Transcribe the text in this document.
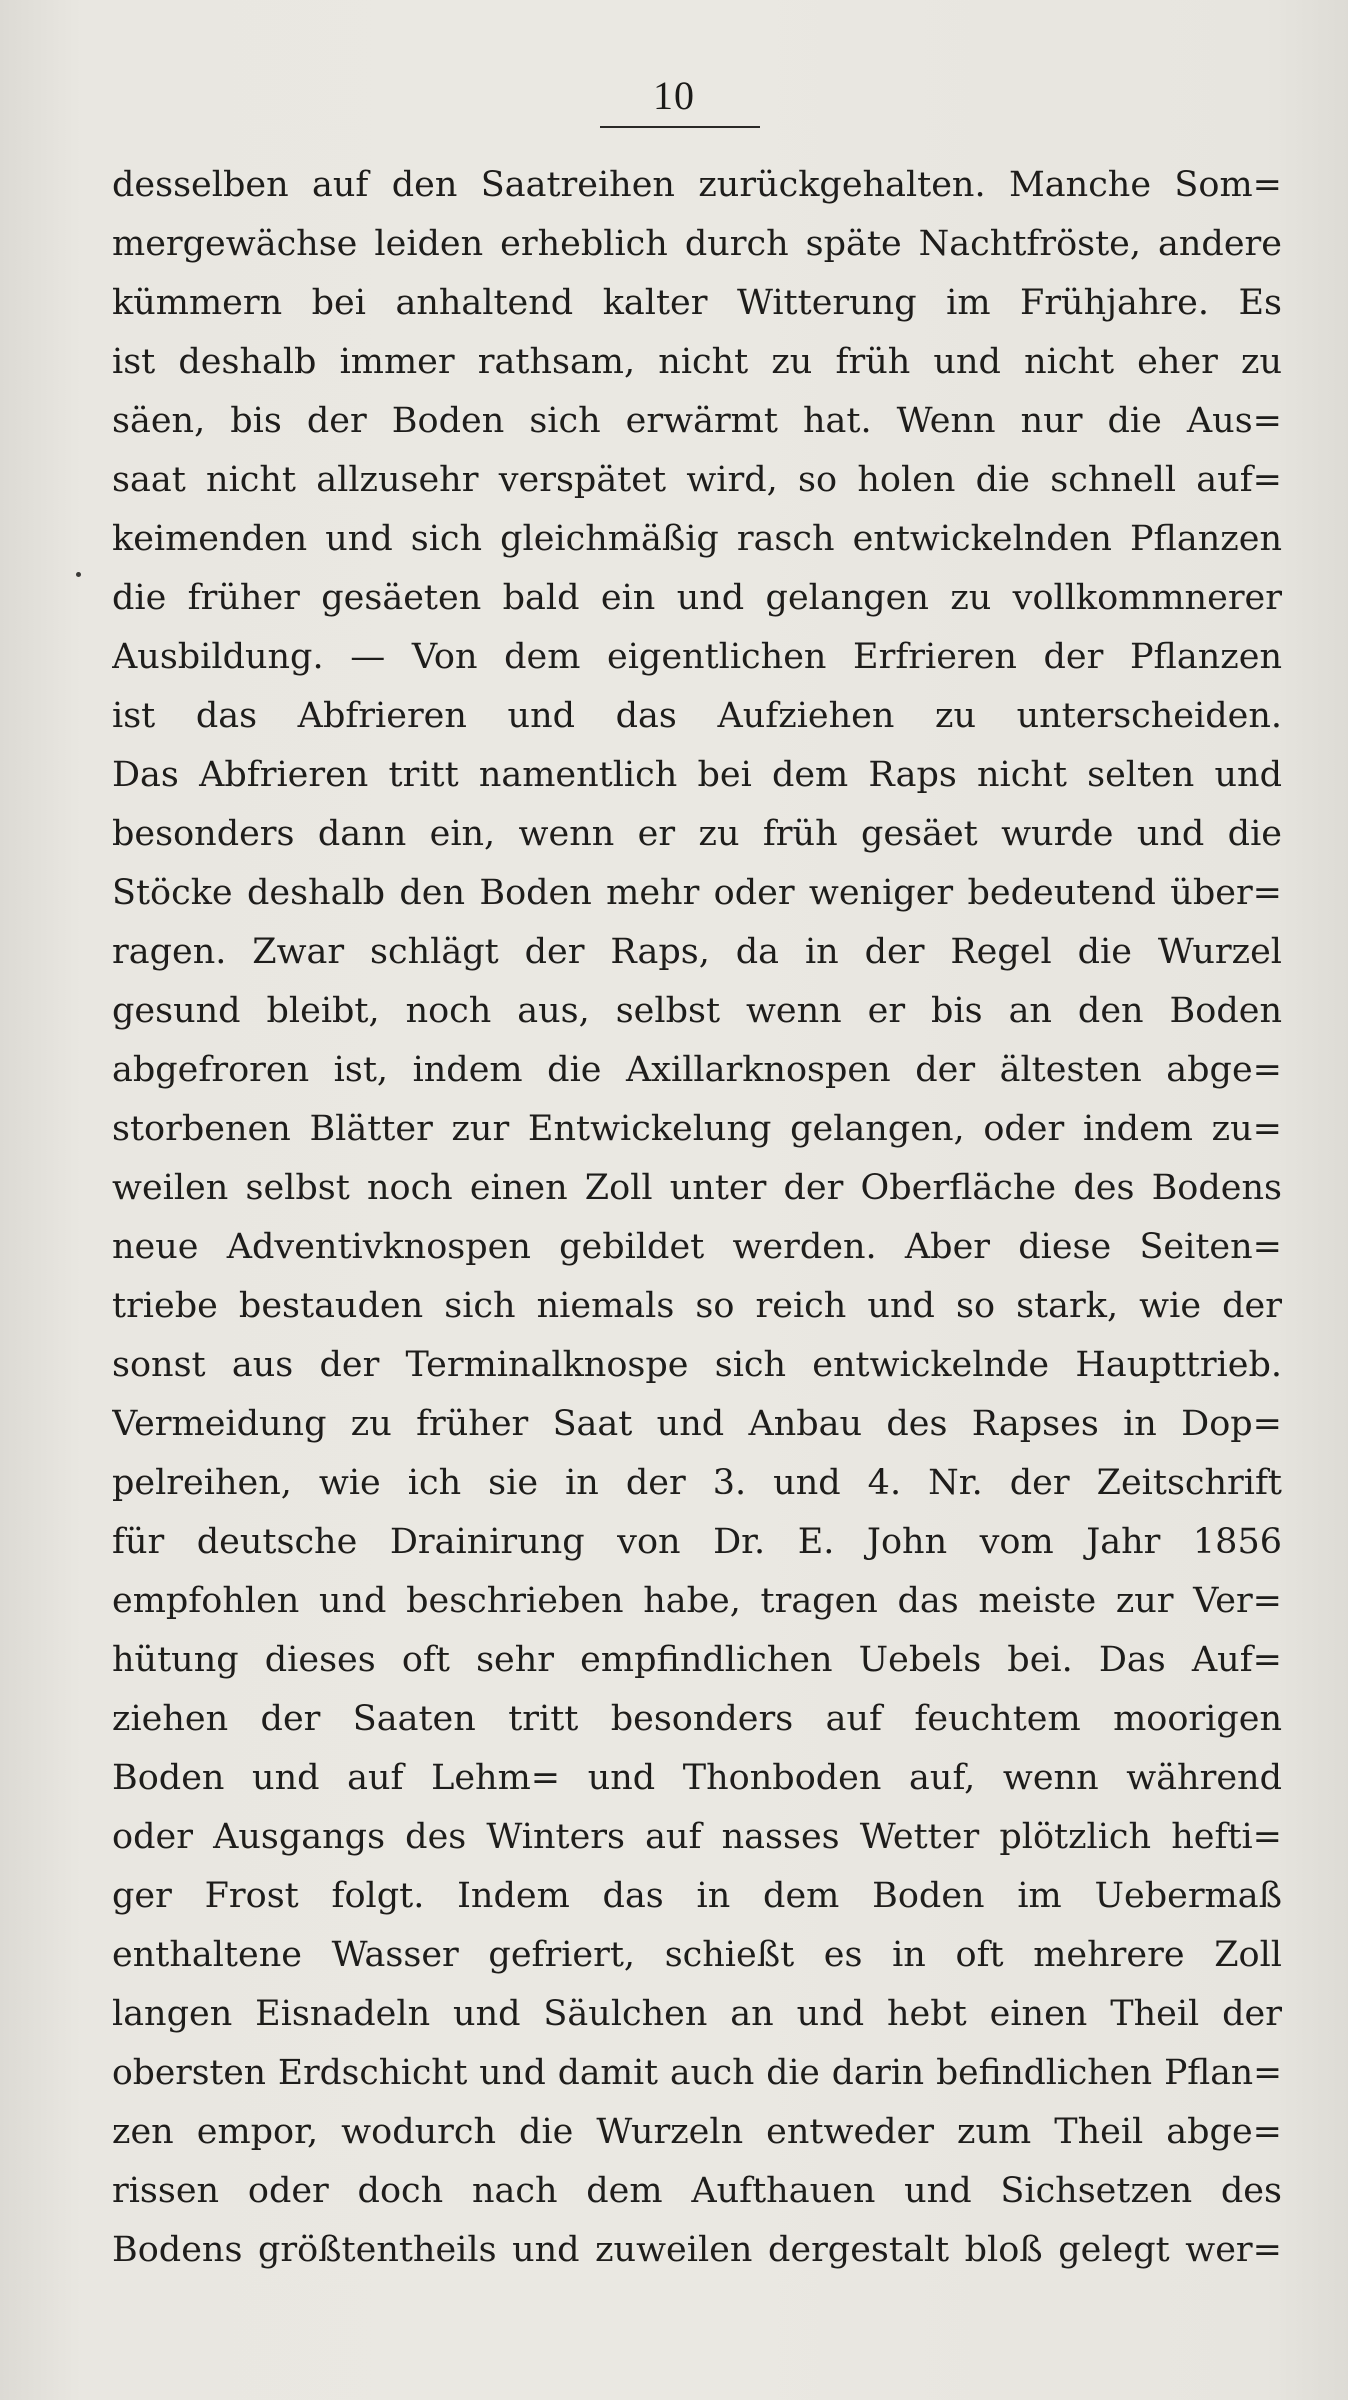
10
desselben auf den Saatreihen zurückgehalten. Manche Som=
mergewächse leiden erheblich durch späte Nachtfröste, andere
kümmern bei anhaltend kalter Witterung im Frühjahre. Es
ist deshalb immer rathsam, nicht zu früh und nicht eher zu
säen, bis der Boden sich erwärmt hat. Wenn nur die Aus=
saat nicht allzusehr verspätet wird, so holen die schnell auf=
keimenden und sich gleichmäßig rasch entwickelnden Pflanzen
die früher gesäeten bald ein und gelangen zu vollkommnerer
Ausbildung. — Von dem eigentlichen Erfrieren der Pflanzen
ist das Abfrieren und das Aufziehen zu unterscheiden.
Das Abfrieren tritt namentlich bei dem Raps nicht selten und
besonders dann ein, wenn er zu früh gesäet wurde und die
Stöcke deshalb den Boden mehr oder weniger bedeutend über=
ragen. Zwar schlägt der Raps, da in der Regel die Wurzel
gesund bleibt, noch aus, selbst wenn er bis an den Boden
abgefroren ist, indem die Axillarknospen der ältesten abge=
storbenen Blätter zur Entwickelung gelangen, oder indem zu=
weilen selbst noch einen Zoll unter der Oberfläche des Bodens
neue Adventivknospen gebildet werden. Aber diese Seiten=
triebe bestauden sich niemals so reich und so stark, wie der
sonst aus der Terminalknospe sich entwickelnde Haupttrieb.
Vermeidung zu früher Saat und Anbau des Rapses in Dop=
pelreihen, wie ich sie in der 3. und 4. Nr. der Zeitschrift
für deutsche Drainirung von Dr. E. John vom Jahr 1856
empfohlen und beschrieben habe, tragen das meiste zur Ver=
hütung dieses oft sehr empfindlichen Uebels bei. Das Auf=
ziehen der Saaten tritt besonders auf feuchtem moorigen
Boden und auf Lehm= und Thonboden auf, wenn während
oder Ausgangs des Winters auf nasses Wetter plötzlich hefti=
ger Frost folgt. Indem das in dem Boden im Uebermaß
enthaltene Wasser gefriert, schießt es in oft mehrere Zoll
langen Eisnadeln und Säulchen an und hebt einen Theil der
obersten Erdschicht und damit auch die darin befindlichen Pflan=
zen empor, wodurch die Wurzeln entweder zum Theil abge=
rissen oder doch nach dem Aufthauen und Sichsetzen des
Bodens größtentheils und zuweilen dergestalt bloß gelegt wer=
